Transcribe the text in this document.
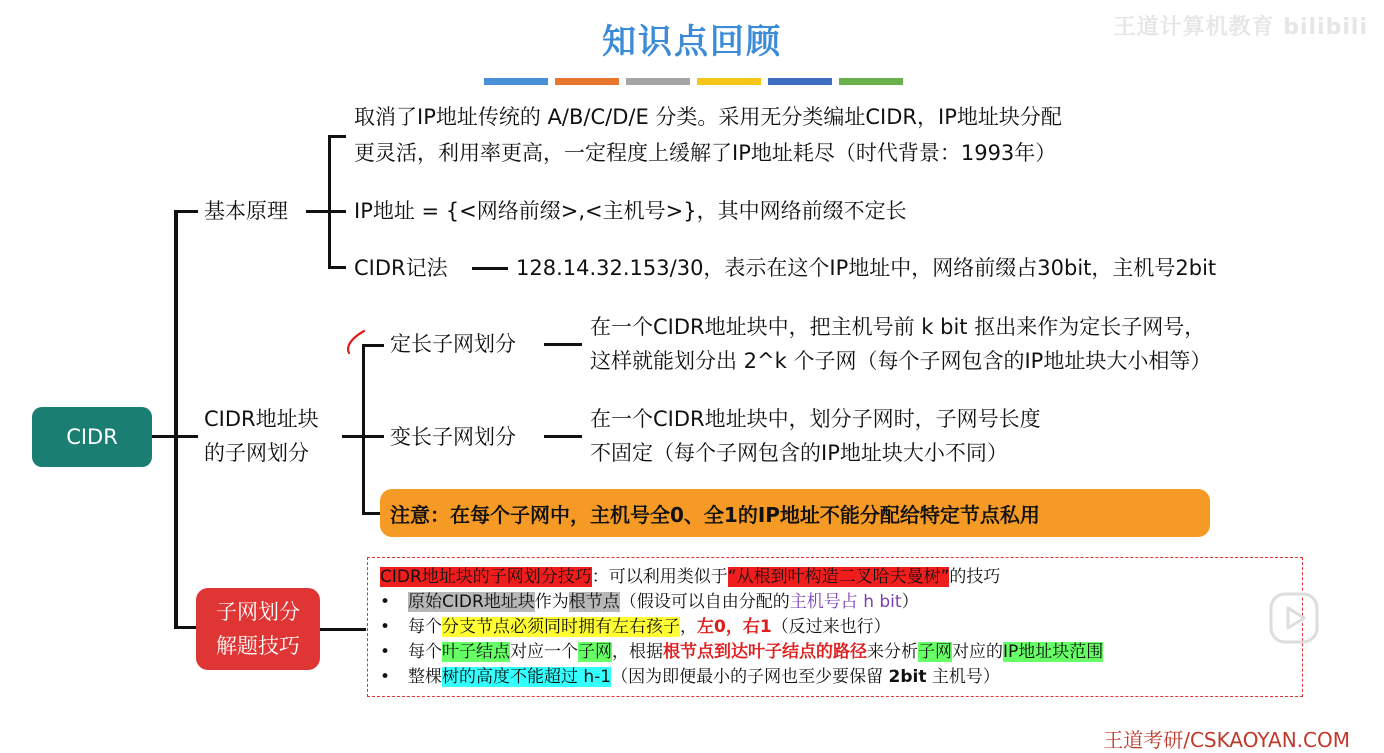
知识点回顾	王道计算机教育 bilibili
CIDR
基本原理
取消了IP地址传统的 A/B/C/D/E 分类。采用无分类编址CIDR，IP地址块分配
更灵活，利用率更高，一定程度上缓解了IP地址耗尽（时代背景：1993年）
IP地址 = {<网络前缀>,<主机号>}，其中网络前缀不定长
CIDR记法	128.14.32.153/30，表示在这个IP地址中，网络前缀占30bit，主机号2bit
CIDR地址块
的子网划分
定长子网划分
在一个CIDR地址块中，把主机号前 k bit 抠出来作为定长子网号，
这样就能划分出 2^k 个子网（每个子网包含的IP地址块大小相等）
变长子网划分
在一个CIDR地址块中，划分子网时，子网号长度
不固定（每个子网包含的IP地址块大小不同）
注意：在每个子网中，主机号全0、全1的IP地址不能分配给特定节点私用
子网划分
解题技巧
CIDR地址块的子网划分技巧：可以利用类似于“从根到叶构造二叉哈夫曼树”的技巧
• 原始CIDR地址块作为根节点（假设可以自由分配的主机号占 h bit）
• 每个分支节点必须同时拥有左右孩子，左0，右1（反过来也行）
• 每个叶子结点对应一个子网，根据根节点到达叶子结点的路径来分析子网对应的IP地址块范围
• 整棵树的高度不能超过 h-1（因为即便最小的子网也至少要保留 2bit 主机号）
王道考研/CSKAOYAN.COM
